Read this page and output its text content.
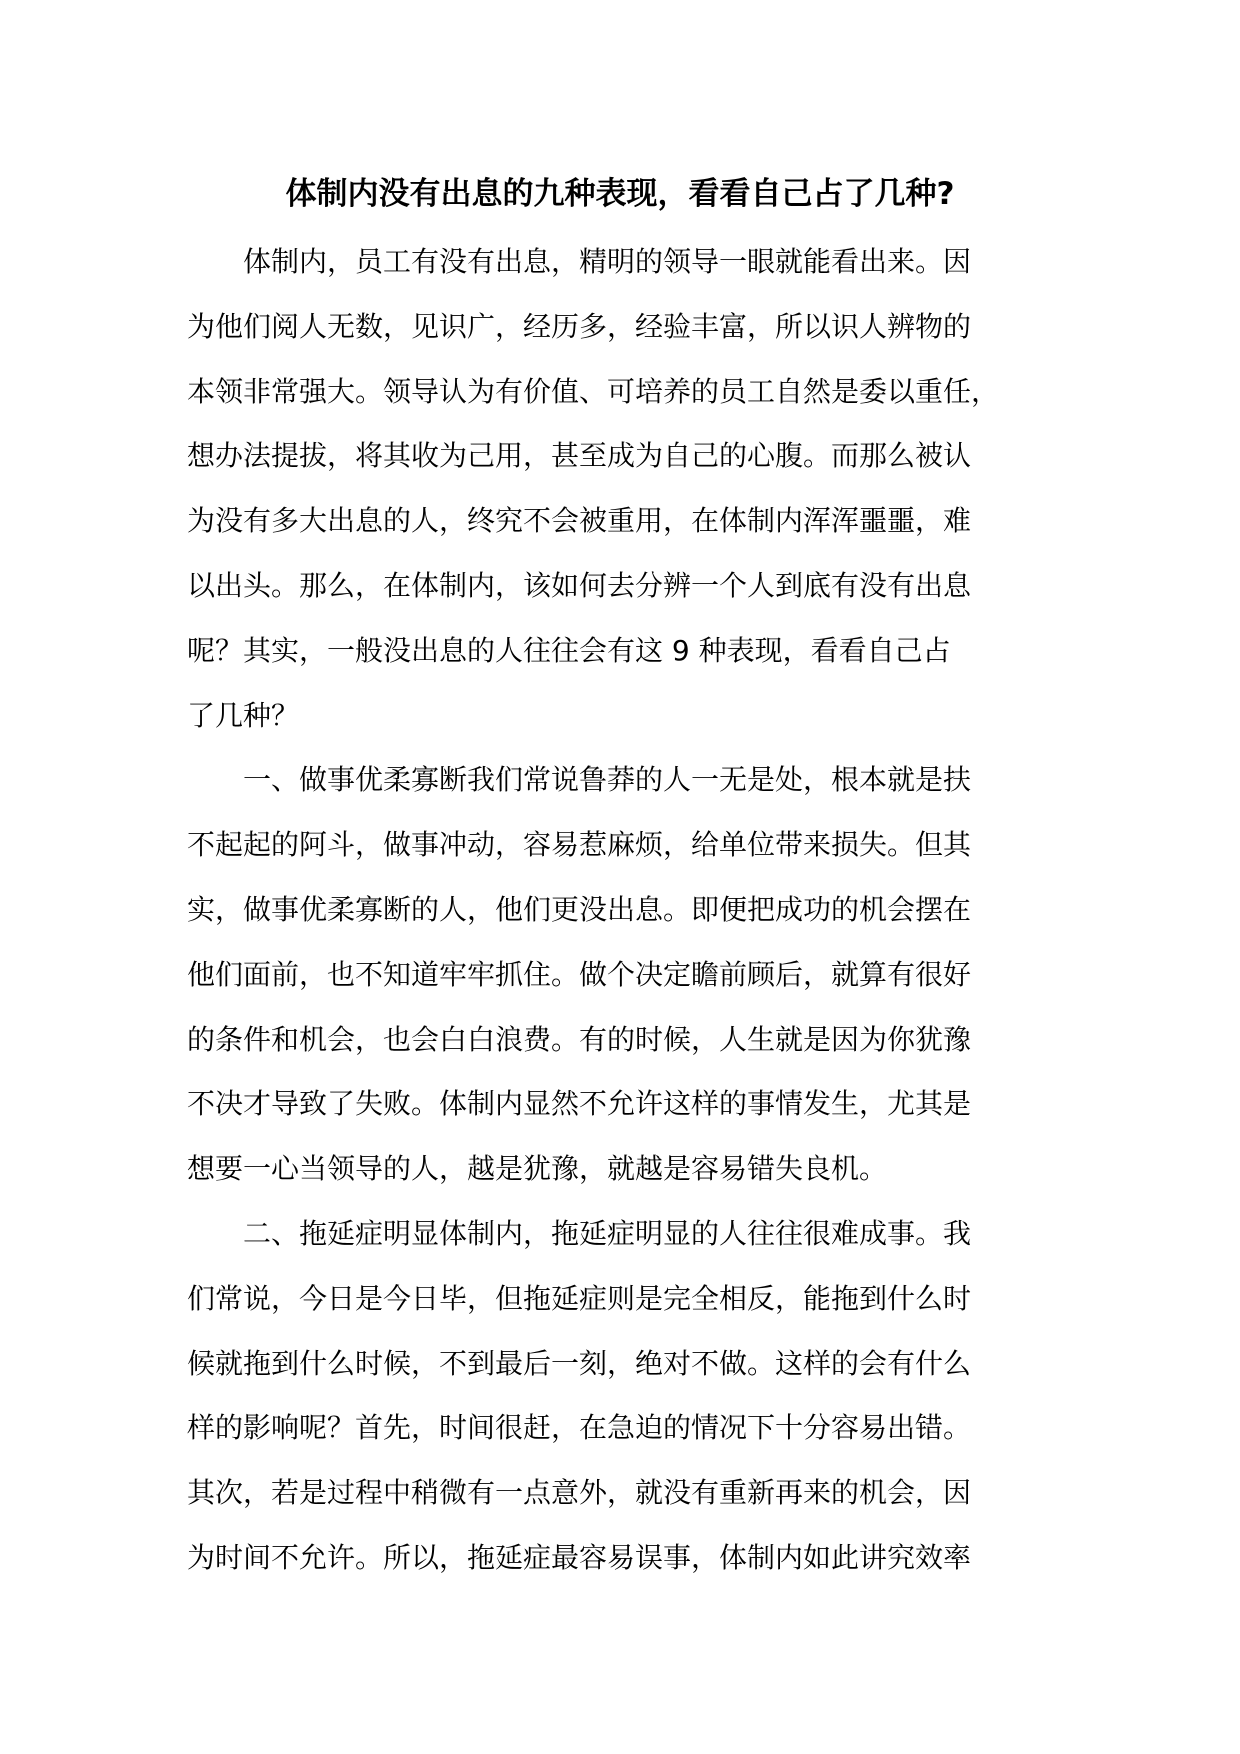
体制内没有出息的九种表现，看看自己占了几种?
体制内，员工有没有出息，精明的领导一眼就能看出来。因
为他们阅人无数，见识广，经历多，经验丰富，所以识人辨物的
本领非常强大。领导认为有价值、可培养的员工自然是委以重任，
想办法提拔，将其收为己用，甚至成为自己的心腹。而那么被认
为没有多大出息的人，终究不会被重用，在体制内浑浑噩噩，难
以出头。那么，在体制内，该如何去分辨一个人到底有没有出息
呢？其实，一般没出息的人往往会有这 9 种表现，看看自己占
了几种？
一、做事优柔寡断我们常说鲁莽的人一无是处，根本就是扶
不起起的阿斗，做事冲动，容易惹麻烦，给单位带来损失。但其
实，做事优柔寡断的人，他们更没出息。即便把成功的机会摆在
他们面前，也不知道牢牢抓住。做个决定瞻前顾后，就算有很好
的条件和机会，也会白白浪费。有的时候，人生就是因为你犹豫
不决才导致了失败。体制内显然不允许这样的事情发生，尤其是
想要一心当领导的人，越是犹豫，就越是容易错失良机。
二、拖延症明显体制内，拖延症明显的人往往很难成事。我
们常说，今日是今日毕，但拖延症则是完全相反，能拖到什么时
候就拖到什么时候，不到最后一刻，绝对不做。这样的会有什么
样的影响呢？首先，时间很赶，在急迫的情况下十分容易出错。
其次，若是过程中稍微有一点意外，就没有重新再来的机会，因
为时间不允许。所以，拖延症最容易误事，体制内如此讲究效率
